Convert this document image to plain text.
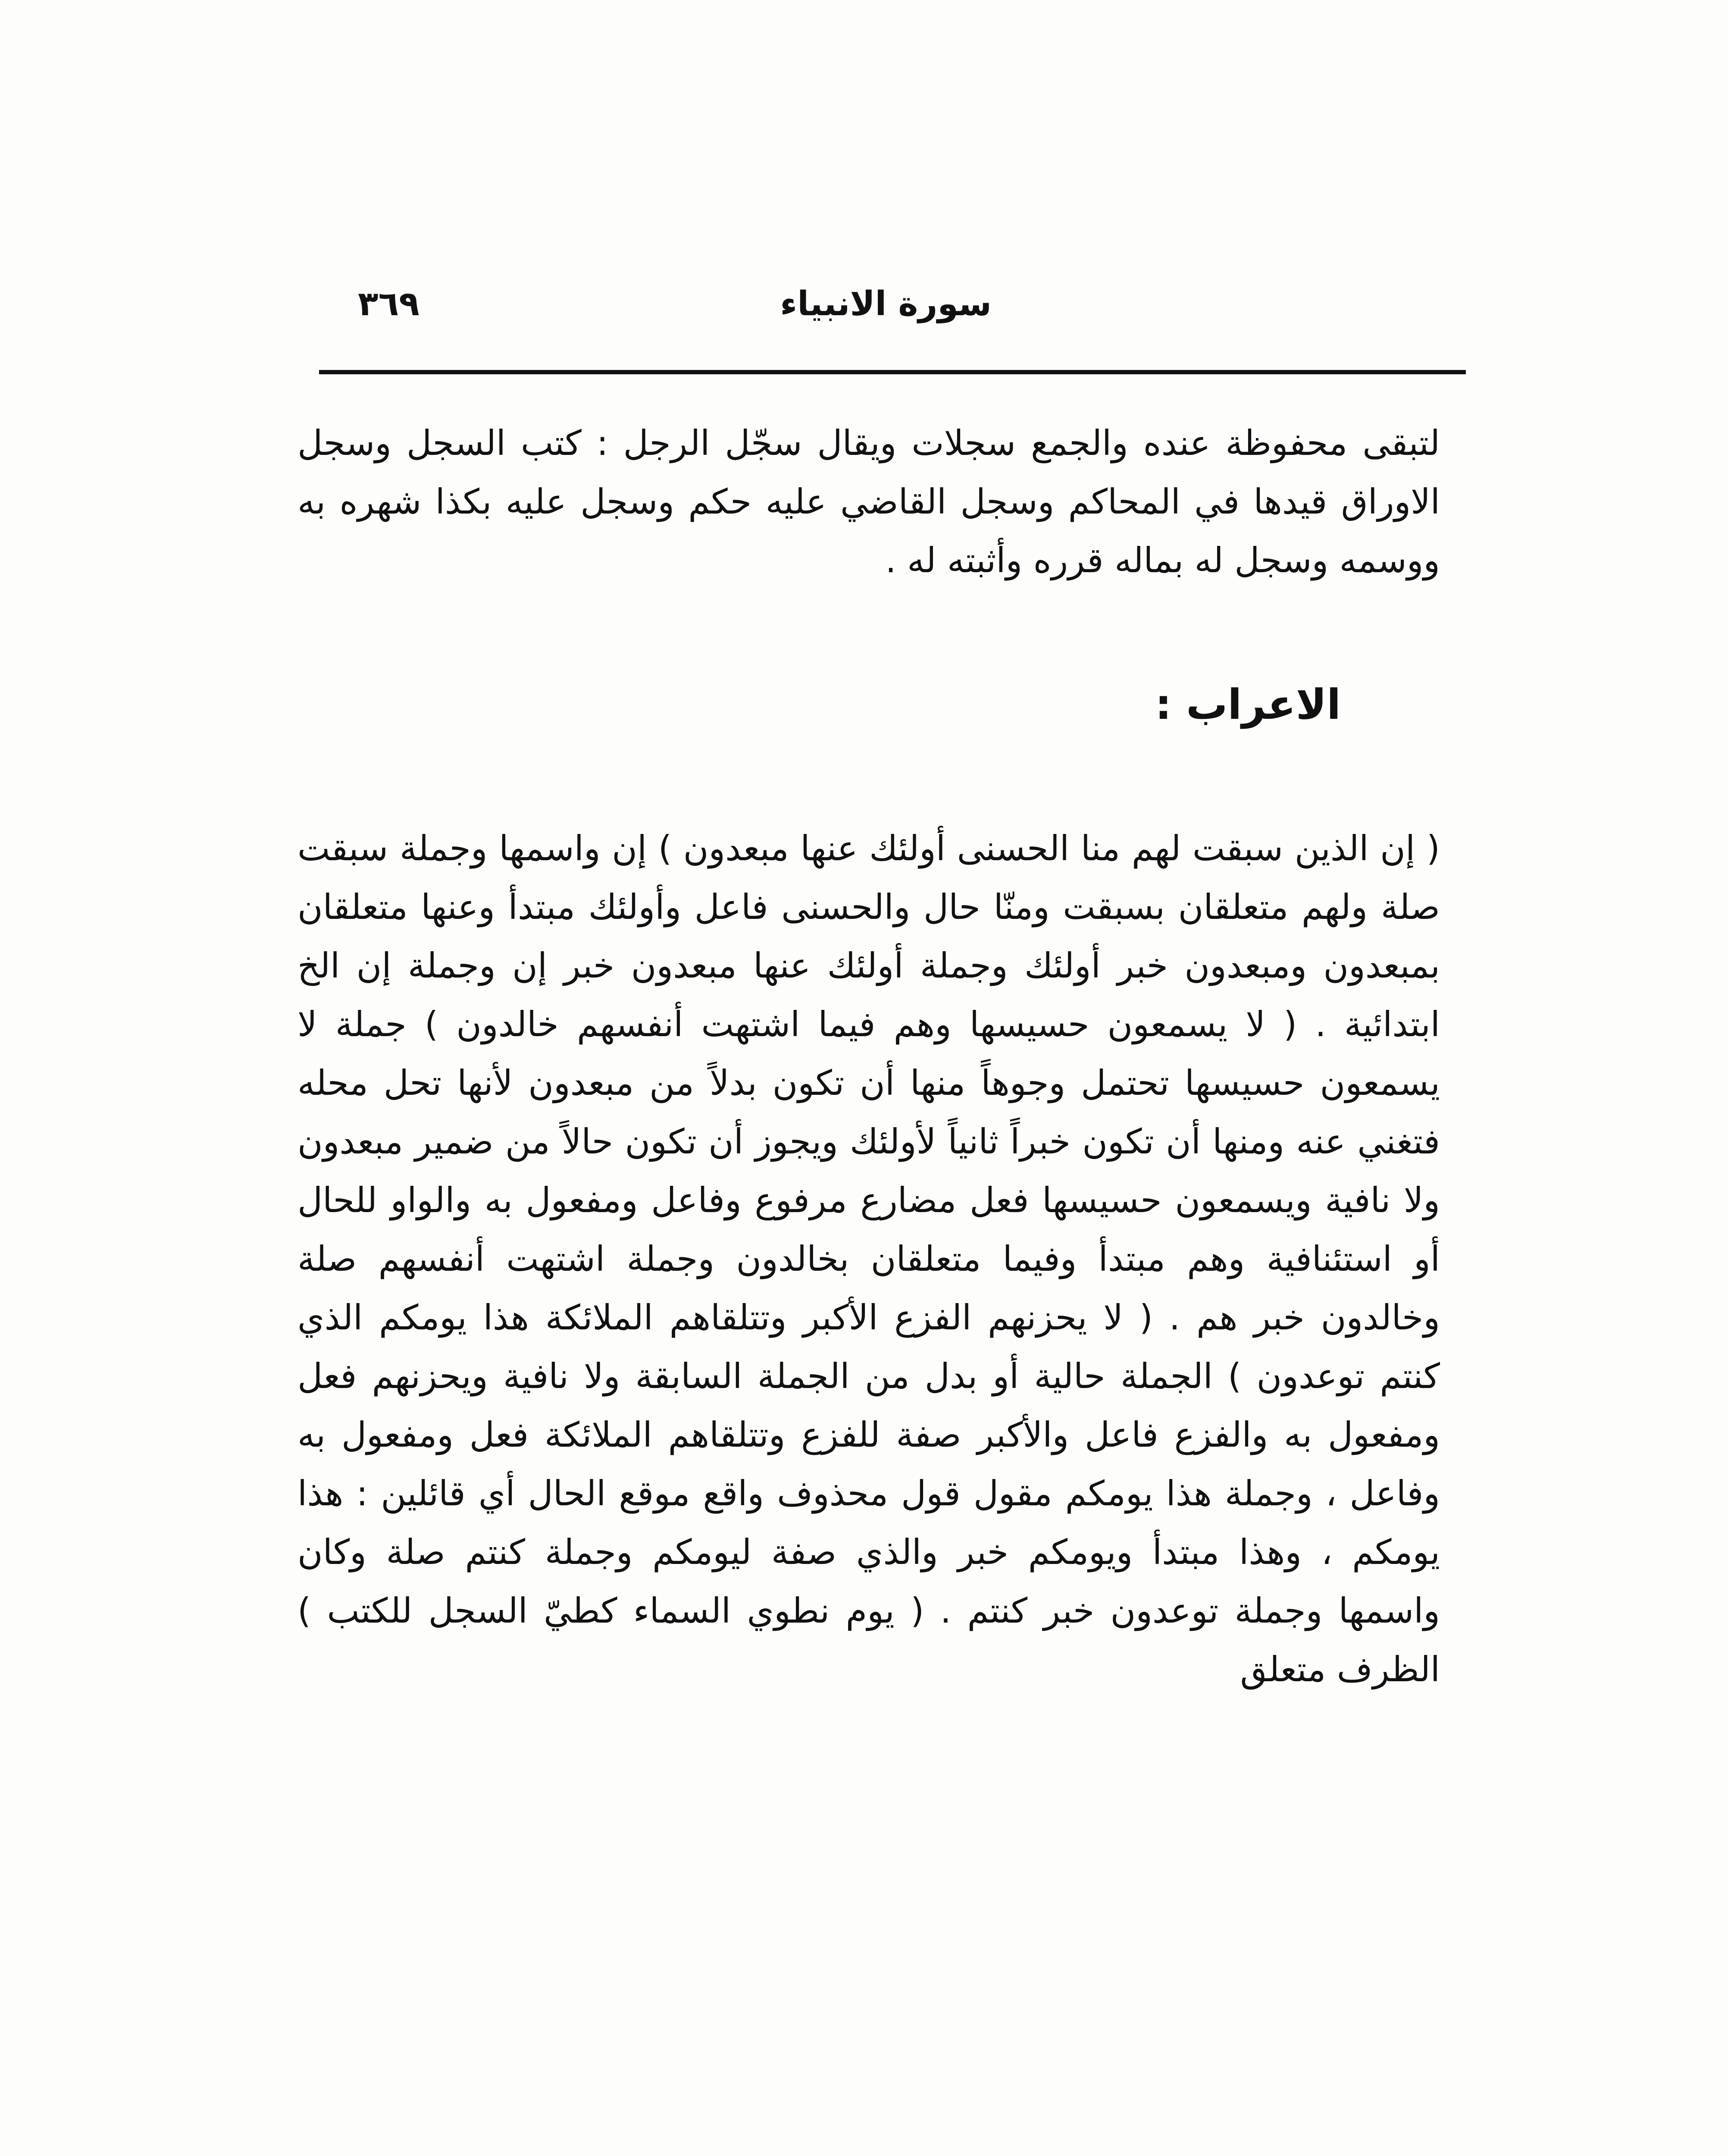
سورة الانبياء
٣٦٩

لتبقى محفوظة عنده والجمع سجلات ويقال سجّل الرجل : كتب السجل وسجل الاوراق قيدها في المحاكم وسجل القاضي عليه حكم وسجل عليه بكذا شهره به ووسمه وسجل له بماله قرره وأثبته له .

الاعراب :

( إن الذين سبقت لهم منا الحسنى أولئك عنها مبعدون ) إن واسمها وجملة سبقت صلة ولهم متعلقان بسبقت ومنّا حال والحسنى فاعل وأولئك مبتدأ وعنها متعلقان بمبعدون ومبعدون خبر أولئك وجملة أولئك عنها مبعدون خبر إن وجملة إن الخ ابتدائية . ( لا يسمعون حسيسها وهم فيما اشتهت أنفسهم خالدون ) جملة لا يسمعون حسيسها تحتمل وجوهاً منها أن تكون بدلاً من مبعدون لأنها تحل محله فتغني عنه ومنها أن تكون خبراً ثانياً لأولئك ويجوز أن تكون حالاً من ضمير مبعدون ولا نافية ويسمعون حسيسها فعل مضارع مرفوع وفاعل ومفعول به والواو للحال أو استئنافية وهم مبتدأ وفيما متعلقان بخالدون وجملة اشتهت أنفسهم صلة وخالدون خبر هم . ( لا يحزنهم الفزع الأكبر وتتلقاهم الملائكة هذا يومكم الذي كنتم توعدون ) الجملة حالية أو بدل من الجملة السابقة ولا نافية ويحزنهم فعل ومفعول به والفزع فاعل والأكبر صفة للفزع وتتلقاهم الملائكة فعل ومفعول به وفاعل ، وجملة هذا يومكم مقول قول محذوف واقع موقع الحال أي قائلين : هذا يومكم ، وهذا مبتدأ ويومكم خبر والذي صفة ليومكم وجملة كنتم صلة وكان واسمها وجملة توعدون خبر كنتم . ( يوم نطوي السماء كطيّ السجل للكتب ) الظرف متعلق
